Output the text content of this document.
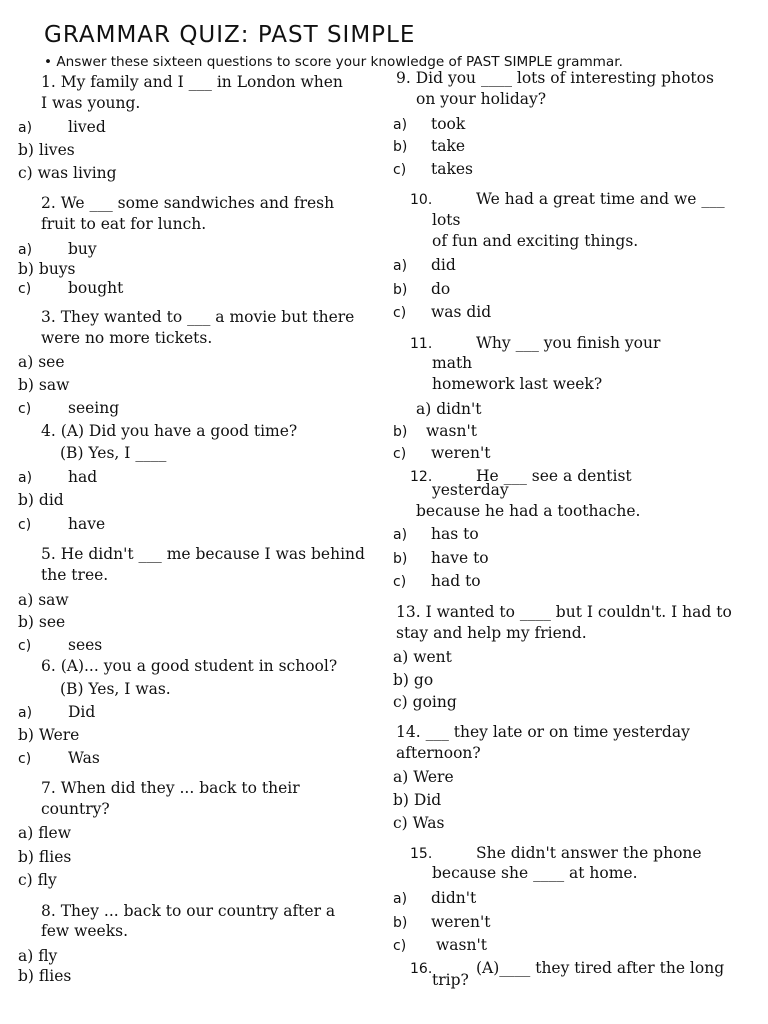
GRAMMAR QUIZ: PAST SIMPLE
• Answer these sixteen questions to score your knowledge of PAST SIMPLE grammar.
1. My family and I ___ in London when
I was young.
a) lived
b) lives
c) was living
2. We ___ some sandwiches and fresh
fruit to eat for lunch.
a) buy
b) buys
c) bought
3. They wanted to ___ a movie but there
were no more tickets.
a) see
b) saw
c) seeing
4. (A) Did you have a good time?
(B) Yes, I ____
a) had
b) did
c) have
5. He didn't ___ me because I was behind
the tree.
a) saw
b) see
c) sees
6. (A)... you a good student in school?
(B) Yes, I was.
a) Did
b) Were
c) Was
7. When did they ... back to their
country?
a) flew
b) flies
c) fly
8. They ... back to our country after a
few weeks.
a) fly
b) flies
9. Did you ____ lots of interesting photos
on your holiday?
a) took
b) take
c) takes
10.	We had a great time and we ___
lots
of fun and exciting things.
a) did
b) do
c) was did
11.	Why ___ you finish your
math
homework last week?
a) didn't
b) wasn't
c) weren't
12.	He ___ see a dentist
yesterday
because he had a toothache.
a) has to
b) have to
c) had to
13. I wanted to ____ but I couldn't. I had to
stay and help my friend.
a) went
b) go
c) going
14. ___ they late or on time yesterday
afternoon?
a) Were
b) Did
c) Was
15.	She didn't answer the phone
because she ____ at home.
a) didn't
b) weren't
c) wasn't
16.	(A)____ they tired after the long
trip?
